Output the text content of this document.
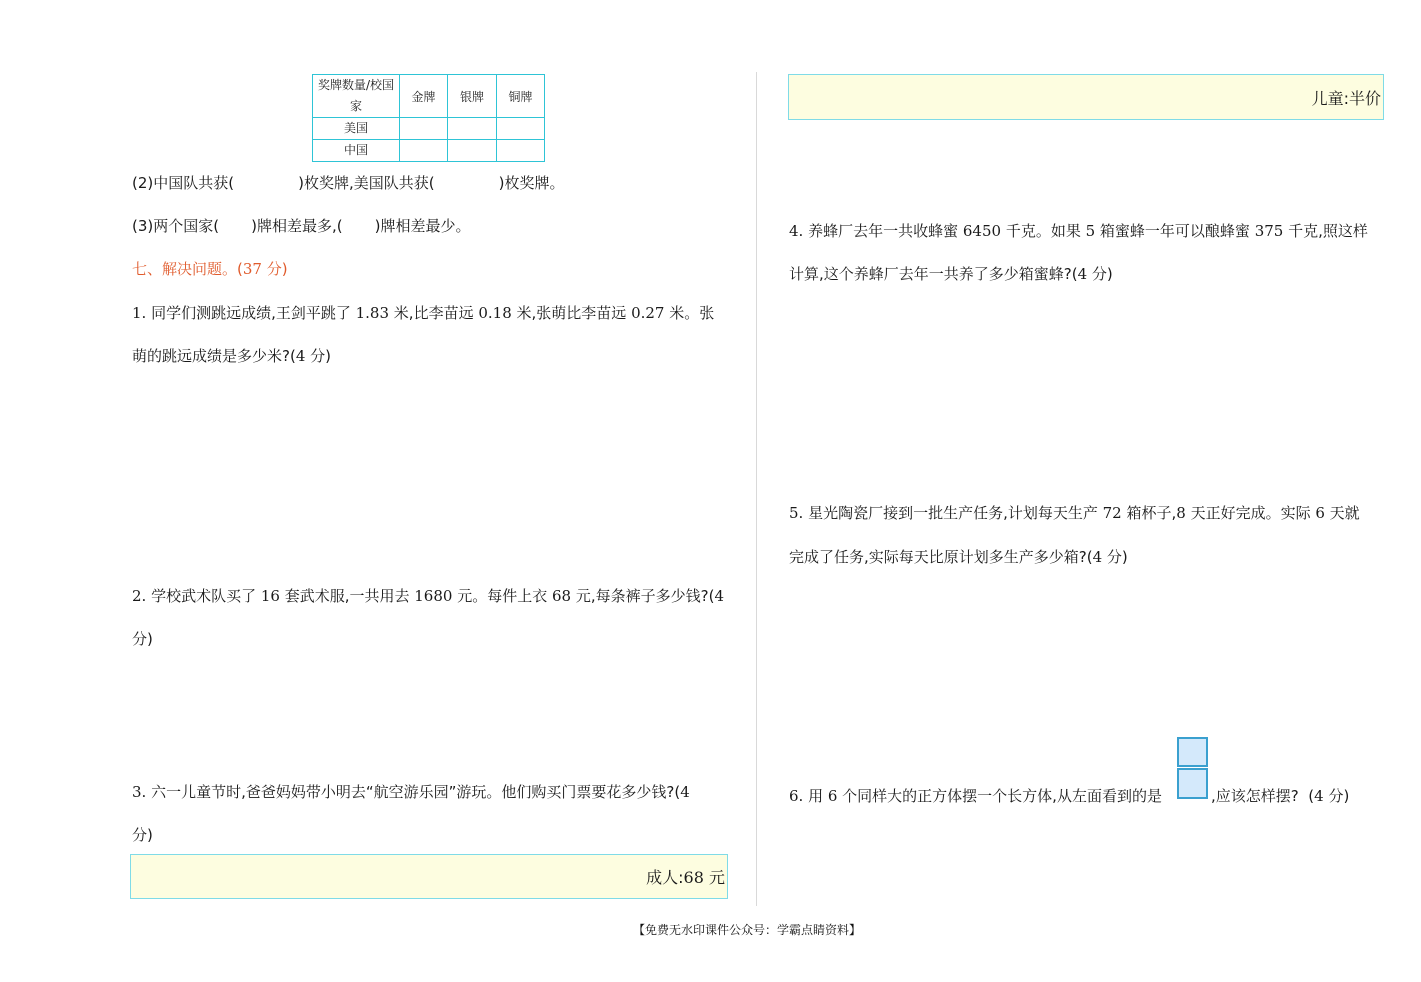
奖牌数量/校国家	金牌	银牌	铜牌
美国			
中国			
(2)中国队共获(	)枚奖牌,美国队共获(	)枚奖牌。
(3)两个国家( )牌相差最多,( )牌相差最少。
七、解决问题。(37 分)
1. 同学们测跳远成绩,王剑平跳了 1.83 米,比李苗远 0.18 米,张萌比李苗远 0.27 米。张
萌的跳远成绩是多少米?(4 分)
2. 学校武术队买了 16 套武术服,一共用去 1680 元。每件上衣 68 元,每条裤子多少钱?(4
分)
3. 六一儿童节时,爸爸妈妈带小明去“航空游乐园”游玩。他们购买门票要花多少钱?(4
分)
成人:68 元
儿童:半价
4. 养蜂厂去年一共收蜂蜜 6450 千克。如果 5 箱蜜蜂一年可以酿蜂蜜 375 千克,照这样
计算,这个养蜂厂去年一共养了多少箱蜜蜂?(4 分)
5. 星光陶瓷厂接到一批生产任务,计划每天生产 72 箱杯子,8 天正好完成。实际 6 天就
完成了任务,实际每天比原计划多生产多少箱?(4 分)
6. 用 6 个同样大的正方体摆一个长方体,从左面看到的是	,应该怎样摆?  (4 分)
【免费无水印课件公众号：学霸点睛资料】
